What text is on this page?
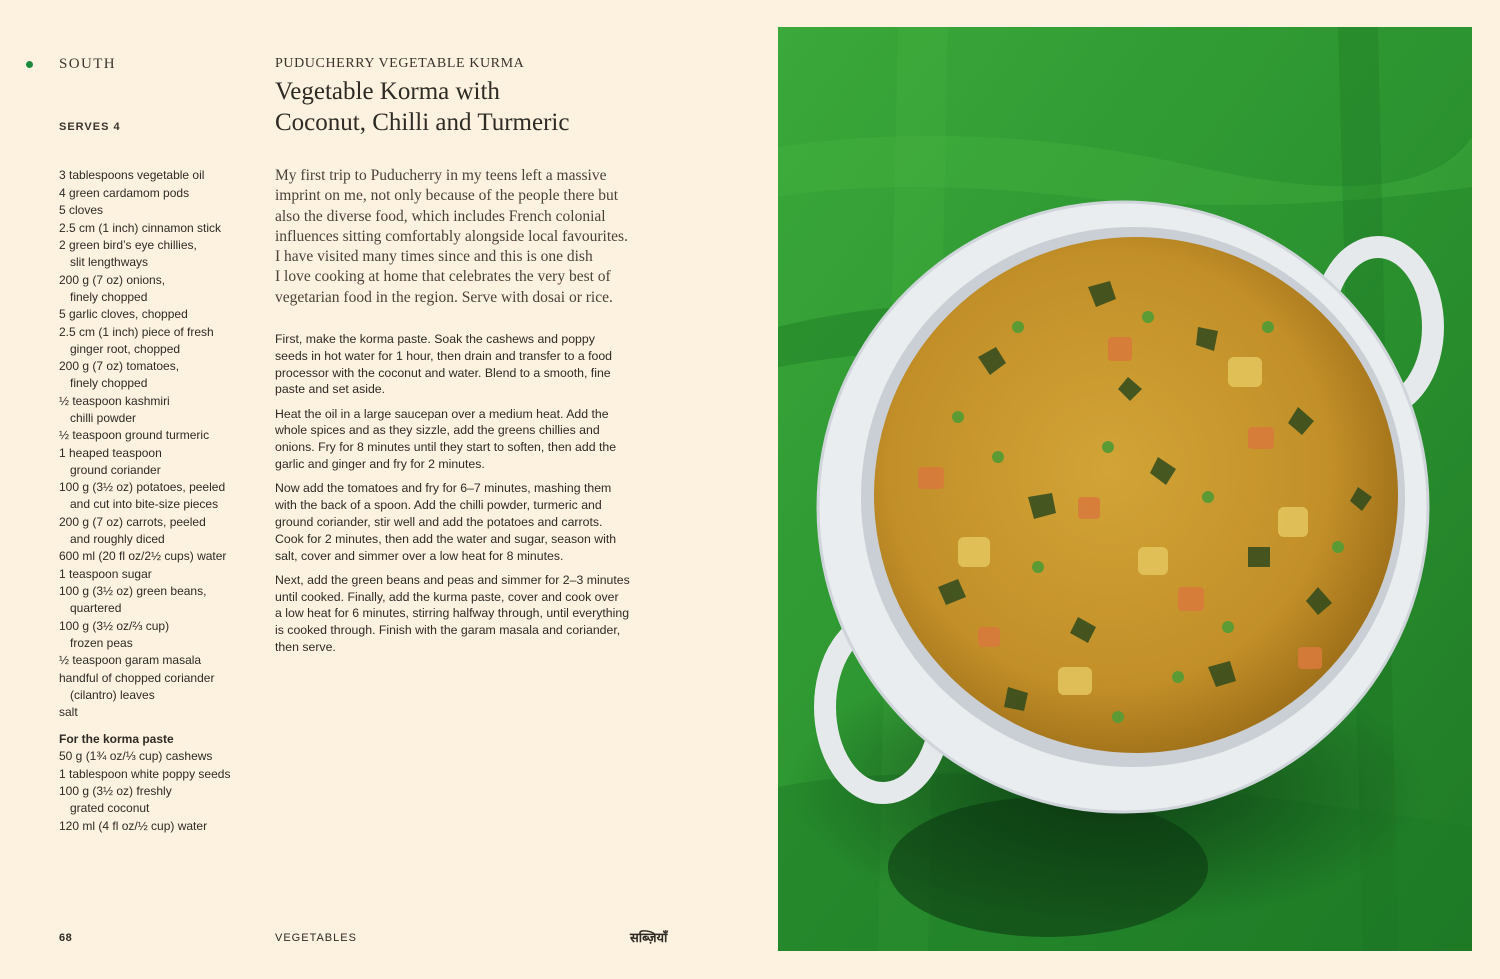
SOUTH
SERVES 4
3 tablespoons vegetable oil
4 green cardamom pods
5 cloves
2.5 cm (1 inch) cinnamon stick
2 green bird’s eye chillies,
slit lengthways
200 g (7 oz) onions,
finely chopped
5 garlic cloves, chopped
2.5 cm (1 inch) piece of fresh
ginger root, chopped
200 g (7 oz) tomatoes,
finely chopped
½ teaspoon kashmiri
chilli powder
½ teaspoon ground turmeric
1 heaped teaspoon
ground coriander
100 g (3½ oz) potatoes, peeled
and cut into bite-size pieces
200 g (7 oz) carrots, peeled
and roughly diced
600 ml (20 fl oz/2½ cups) water
1 teaspoon sugar
100 g (3½ oz) green beans,
quartered
100 g (3½ oz/⅔ cup)
frozen peas
½ teaspoon garam masala
handful of chopped coriander
(cilantro) leaves
salt
For the korma paste
50 g (1¾ oz/⅓ cup) cashews
1 tablespoon white poppy seeds
100 g (3½ oz) freshly
grated coconut
120 ml (4 fl oz/½ cup) water
PUDUCHERRY VEGETABLE KURMA
Vegetable Korma with
Coconut, Chilli and Turmeric
My first trip to Puducherry in my teens left a massive
imprint on me, not only because of the people there but
also the diverse food, which includes French colonial
influences sitting comfortably alongside local favourites.
I have visited many times since and this is one dish
I love cooking at home that celebrates the very best of
vegetarian food in the region. Serve with dosai or rice.

First, make the korma paste. Soak the cashews and poppy
seeds in hot water for 1 hour, then drain and transfer to a food
processor with the coconut and water. Blend to a smooth, fine
paste and set aside.

Heat the oil in a large saucepan over a medium heat. Add the
whole spices and as they sizzle, add the greens chillies and
onions. Fry for 8 minutes until they start to soften, then add the
garlic and ginger and fry for 2 minutes.

Now add the tomatoes and fry for 6–7 minutes, mashing them
with the back of a spoon. Add the chilli powder, turmeric and
ground coriander, stir well and add the potatoes and carrots.
Cook for 2 minutes, then add the water and sugar, season with
salt, cover and simmer over a low heat for 8 minutes.

Next, add the green beans and peas and simmer for 2–3 minutes
until cooked. Finally, add the kurma paste, cover and cook over
a low heat for 6 minutes, stirring halfway through, until everything
is cooked through. Finish with the garam masala and coriander,
then serve.

68	VEGETABLES	सब्ज़ियाँ
